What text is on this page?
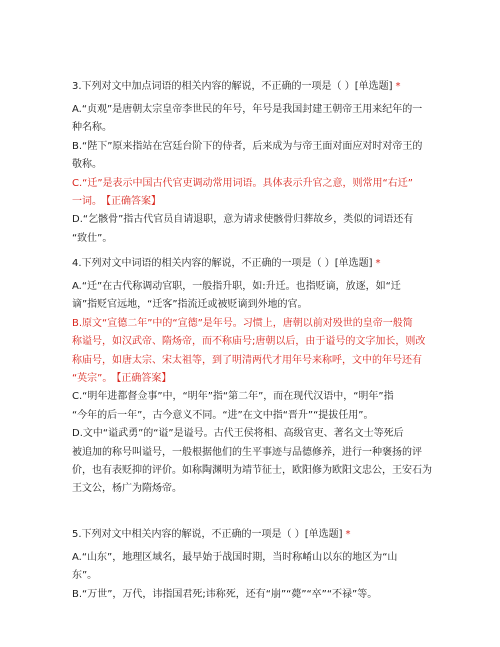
3.下列对文中加点词语的相关内容的解说，不正确的一项是（ ）[单选题] *
A.“贞观”是唐朝太宗皇帝李世民的年号，年号是我国封建王朝帝王用来纪年的一
种名称。
B.“陛下”原来指站在宫廷台阶下的侍者，后来成为与帝王面对面应对时对帝王的
敬称。
C.“迁”是表示中国古代官吏调动常用词语。具体表示升官之意，则常用“右迁”
一词。 【正确答案】
D.“乞骸骨”指古代官员自请退职，意为请求使骸骨归葬故乡，类似的词语还有
“致仕”。
4.下列对文中词语的相关内容的解说，不正确的一项是（ ）[单选题] *
A.“迁”在古代称调动官职，一般指升职，如:升迁。也指贬谪，放逐，如“迁
谪”指贬官远地，“迁客”指流迁或被贬谪到外地的官。
B.原文“宣德二年”中的“宣德”是年号。习惯上，唐朝以前对殁世的皇帝一般简
称谥号，如汉武帝、隋炀帝，而不称庙号;唐朝以后，由于谥号的文字加长，则改
称庙号，如唐太宗、宋太祖等，到了明清两代才用年号来称呼，文中的年号还有
“英宗”。 【正确答案】
C.“明年进都督佥事”中，“明年”指“第二年”，而在现代汉语中，“明年”指
“今年的后一年”，古今意义不同。“进”在文中指“晋升”“提拔任用”。
D.文中“谥武勇”的“谥”是谥号。古代王侯将相、高级官吏、著名文士等死后
被追加的称号叫谥号，一般根据他们的生平事迹与品德修养，进行一种褒扬的评
价，也有表贬抑的评价。如称陶渊明为靖节征士，欧阳修为欧阳文忠公，王安石为
王文公，杨广为隋炀帝。
5.下列对文中相关内容的解说，不正确的一项是（ ）[单选题] *
A.“山东”，地理区域名，最早始于战国时期，当时称崤山以东的地区为“山
东”。
B.“万世”，万代，讳指国君死;讳称死，还有“崩”“薨”“卒”“不禄”等。
